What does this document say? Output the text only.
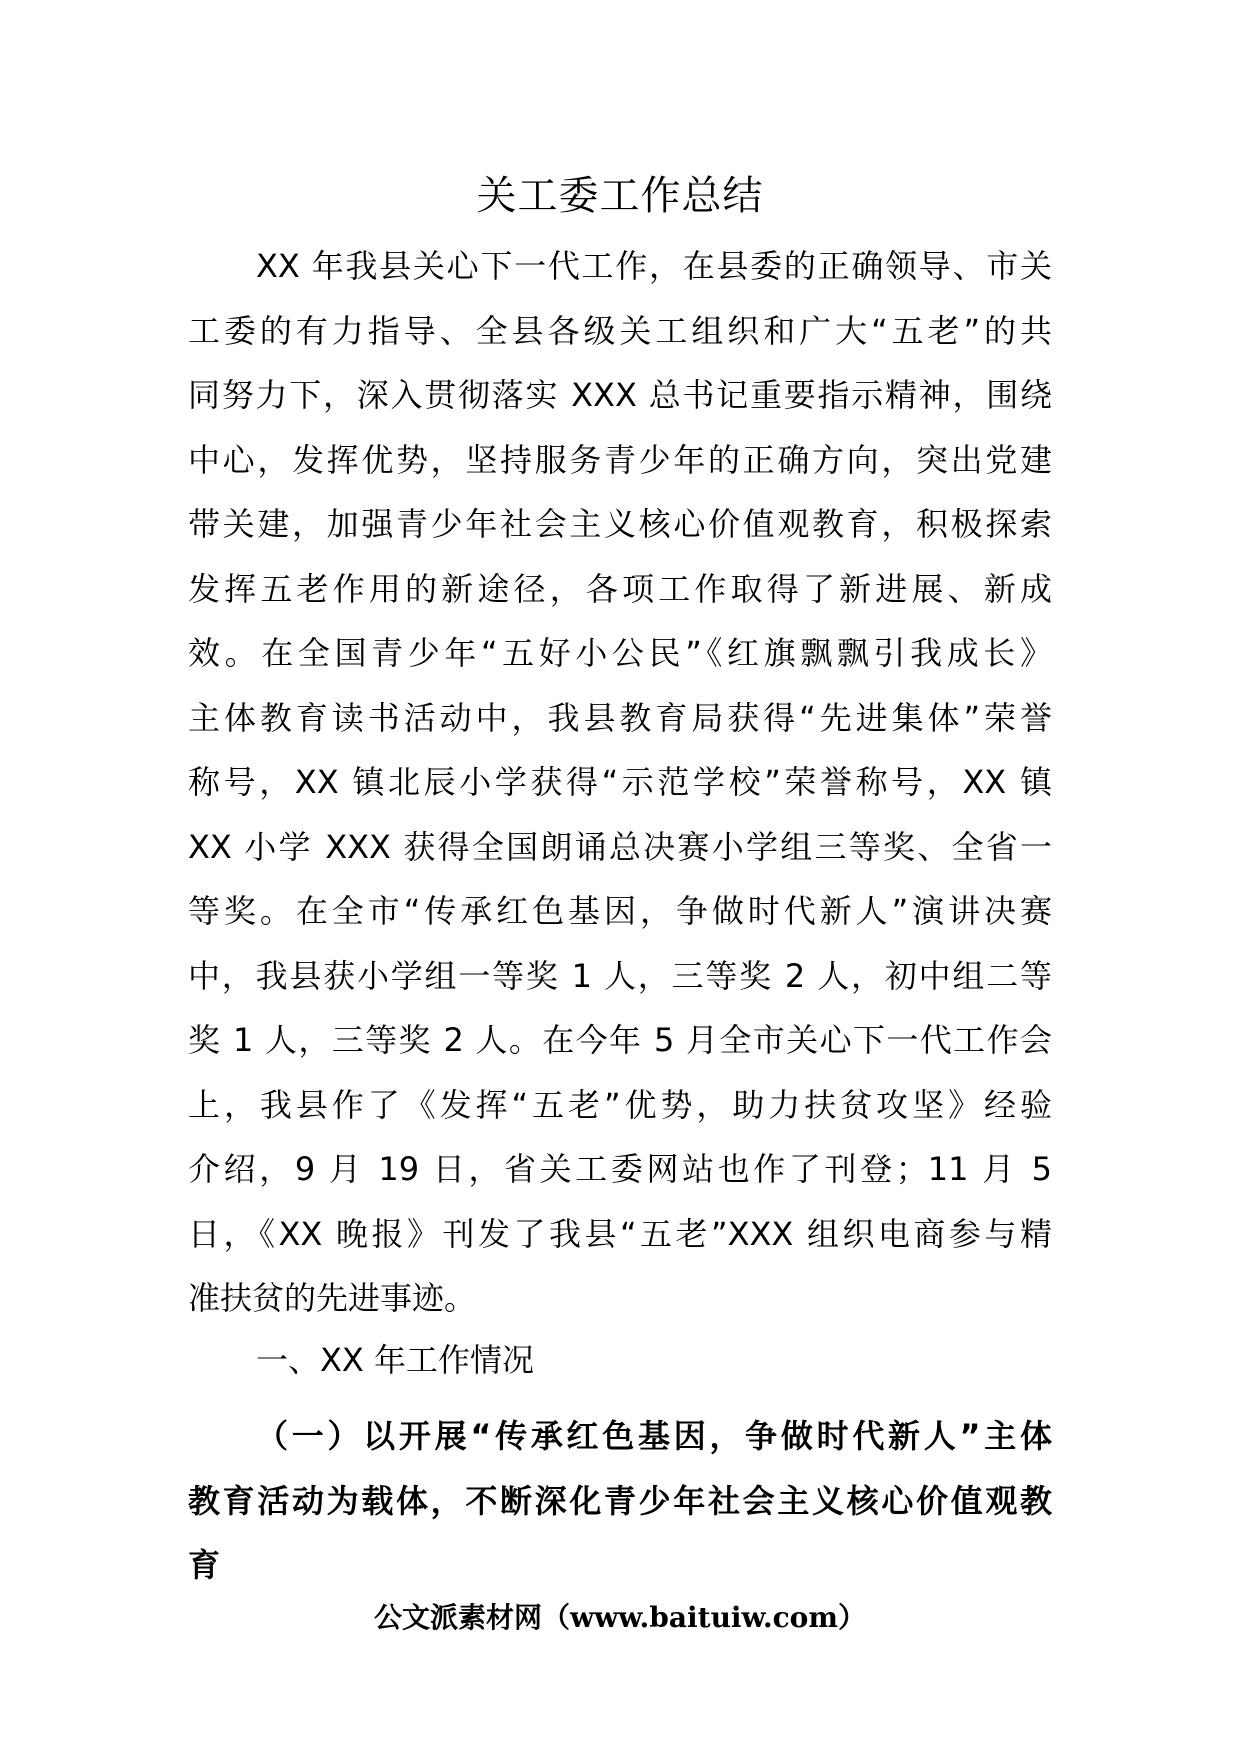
关工委工作总结
XX 年我县关心下一代工作，在县委的正确领导、市关
工委的有力指导、全县各级关工组织和广大“五老”的共
同努力下，深入贯彻落实 XXX 总书记重要指示精神，围绕
中心，发挥优势，坚持服务青少年的正确方向，突出党建
带关建，加强青少年社会主义核心价值观教育，积极探索
发挥五老作用的新途径，各项工作取得了新进展、新成
效。在全国青少年“五好小公民”《红旗飘飘引我成长》
主体教育读书活动中，我县教育局获得“先进集体”荣誉
称号，XX 镇北辰小学获得“示范学校”荣誉称号，XX 镇
XX 小学 XXX 获得全国朗诵总决赛小学组三等奖、全省一
等奖。在全市“传承红色基因，争做时代新人”演讲决赛
中，我县获小学组一等奖 1 人，三等奖 2 人，初中组二等
奖 1 人，三等奖 2 人。在今年 5 月全市关心下一代工作会
上，我县作了《发挥“五老”优势，助力扶贫攻坚》经验
介绍，9 月 19 日，省关工委网站也作了刊登；11 月 5
日，《XX 晚报》刊发了我县“五老”XXX 组织电商参与精
准扶贫的先进事迹。

一、XX 年工作情况

（一）以开展“传承红色基因，争做时代新人”主体
教育活动为载体，不断深化青少年社会主义核心价值观教
育

公文派素材网（www.baituiw.com）
